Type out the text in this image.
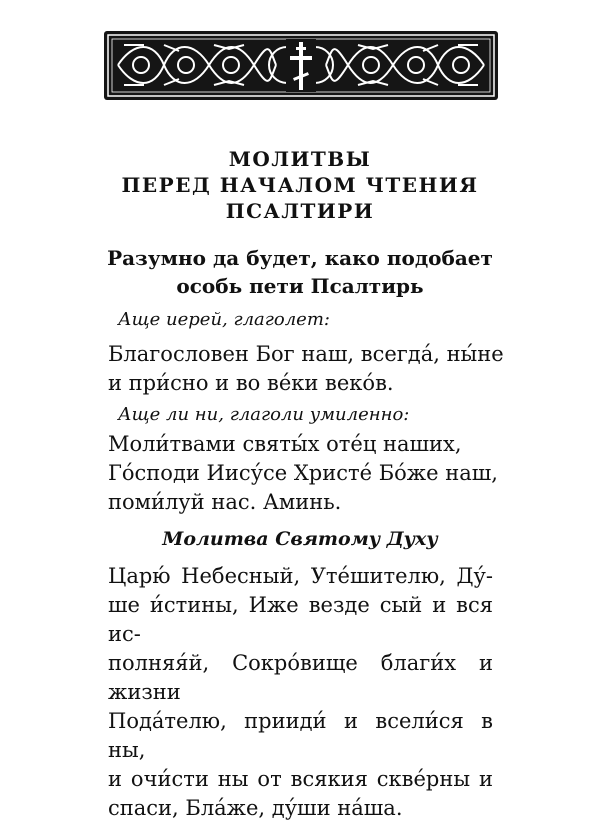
МОЛИТВЫ
ПЕРЕД НАЧАЛОМ ЧТЕНИЯ
ПСАЛТИРИ
Разумно да будет, како подобает
особь пети Псалтирь

Аще иерей, глаголет:

Благословен Бог наш, всегда́, ны́не
и при́сно и во ве́ки веко́в.

Аще ли ни, глаголи умиленно:

Моли́твами святы́х оте́ц наших,
Го́споди Иису́се Христе́ Бо́же наш,
поми́луй нас. Аминь.

Молитва Святому Духу

Царю́ Небесный, Уте́шителю, Ду́-
ше и́стины, Иже везде сый и вся ис-
полняя́й, Сокро́вище благи́х и жизни
Пода́телю, прииди́ и всели́ся в ны,
и очи́сти ны от всякия скве́рны и
спаси, Бла́же, ду́ши на́ша.
